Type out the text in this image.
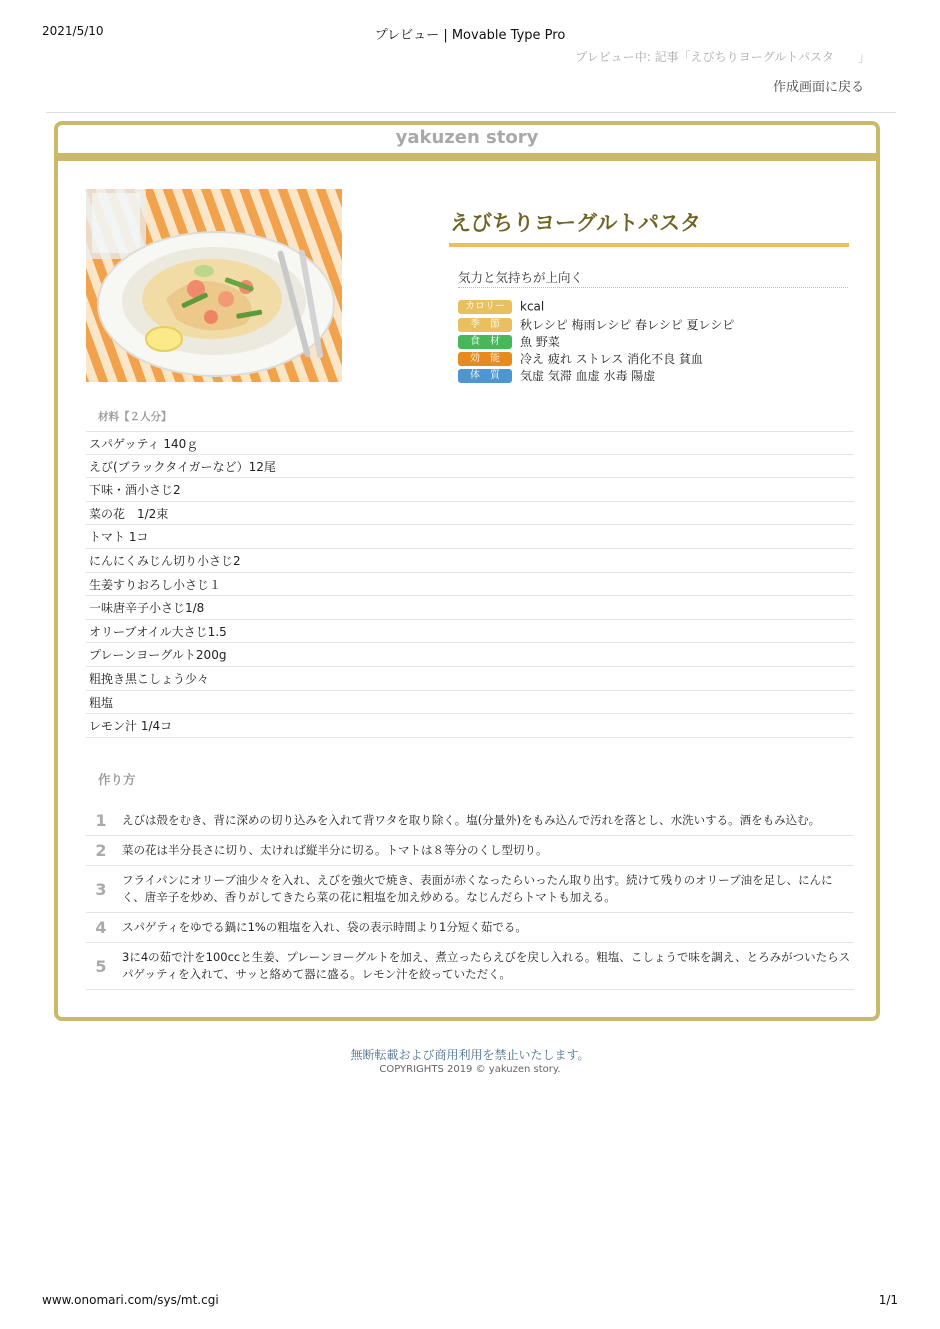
2021/5/10	プレビュー | Movable Type Pro
プレビュー中: 記事「えびちりヨーグルトパスタ　　」
作成画面に戻る
yakuzen story
えびちりヨーグルトパスタ
気力と気持ちが上向く
カロリー kcal
季　節 秋レシピ 梅雨レシピ 春レシピ 夏レシピ
食　材 魚 野菜
効　能 冷え 疲れ ストレス 消化不良 貧血
体　質 気虚 気滞 血虚 水毒 陽虚
材料【２人分】
スパゲッティ 140ｇ
えび(ブラックタイガーなど）12尾
下味・酒小さじ2
菜の花　1/2束
トマト 1コ
にんにくみじん切り小さじ2
生姜すりおろし小さじ１
一味唐辛子小さじ1/8
オリーブオイル大さじ1.5
プレーンヨーグルト200g
粗挽き黒こしょう少々
粗塩
レモン汁 1/4コ
作り方
1	えびは殻をむき、背に深めの切り込みを入れて背ワタを取り除く。塩(分量外)をもみ込んで汚れを落とし、水洗いする。酒をもみ込む。
2	菜の花は半分長さに切り、太ければ縦半分に切る。トマトは８等分のくし型切り。
3	フライパンにオリーブ油少々を入れ、えびを強火で焼き、表面が赤くなったらいったん取り出す。続けて残りのオリーブ油を足し、にんにく、唐辛子を炒め、香りがしてきたら菜の花に粗塩を加え炒める。なじんだらトマトも加える。
4	スパゲティをゆでる鍋に1%の粗塩を入れ、袋の表示時間より1分短く茹でる。
5	3に4の茹で汁を100ccと生姜、プレーンヨーグルトを加え、煮立ったらえびを戻し入れる。粗塩、こしょうで味を調え、とろみがついたらスパゲッティを入れて、サッと絡めて器に盛る。レモン汁を絞っていただく。
無断転載および商用利用を禁止いたします。
COPYRIGHTS 2019 © yakuzen story.
www.onomari.com/sys/mt.cgi	1/1
